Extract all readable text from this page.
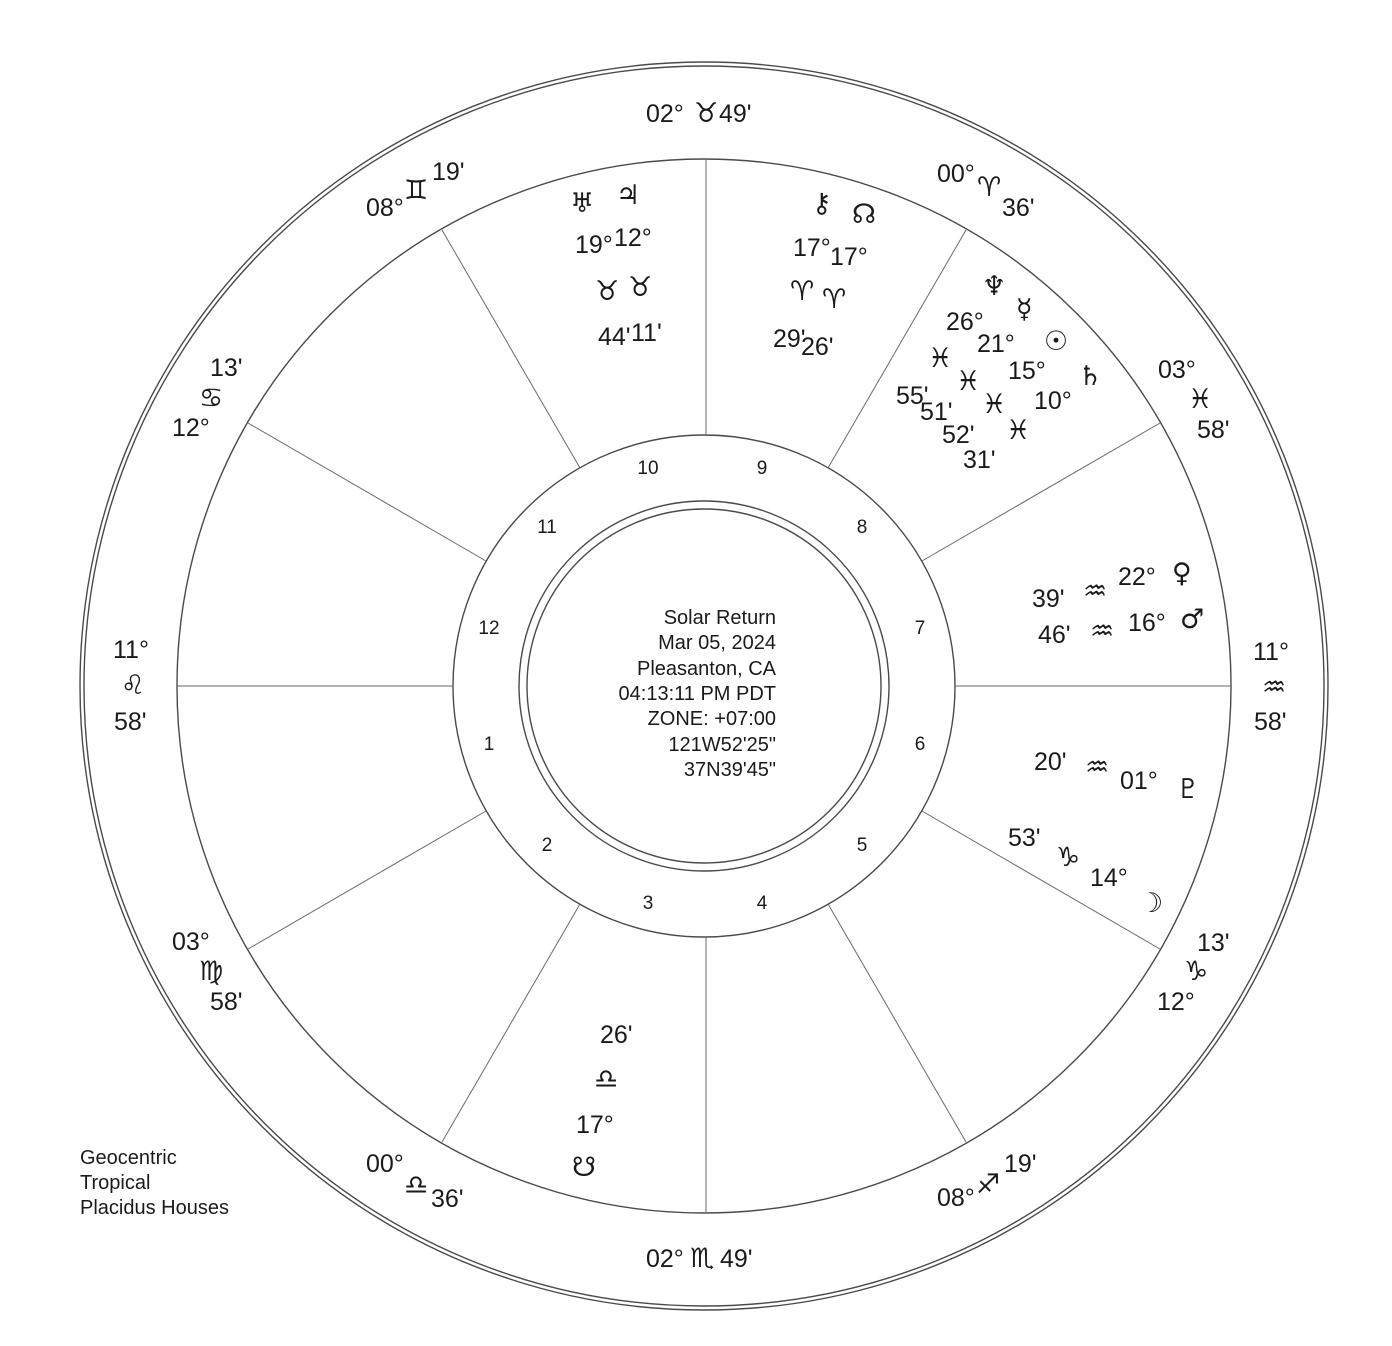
10	9
11	8
12	7
1	6
2	5
3	4
Solar Return
Mar 05, 2024
Pleasanton, CA
04:13:11 PM PDT
ZONE: +07:00
121W52'25"
37N39'45"
02° ♉ 49'
00° ♈
36'
03°
♓
58'
11°
♒
58'
13'
♑
12°
08° ♐
19'
02° ♏ 49'
00°
♎ 36'
03°
♍
58'
11°
♌
58'
13'
♋
12°
08°
♊
19'
♅
19°
♉
44'
♃
12°
♉
11'
⚷
17°
♈
29'
☊
17°
♈
26'
♆
26°
♓
55'
☿
21°
♓
51'
☉
15°
♓
52'
♄
10°
♓
31'
39' ♒ 22° ♀
46' ♒ 16° ♂
20' ♒ 01° ♇
53'
♑
14°
☽
26'
♎
17°
☋
Geocentric
Tropical
Placidus Houses
